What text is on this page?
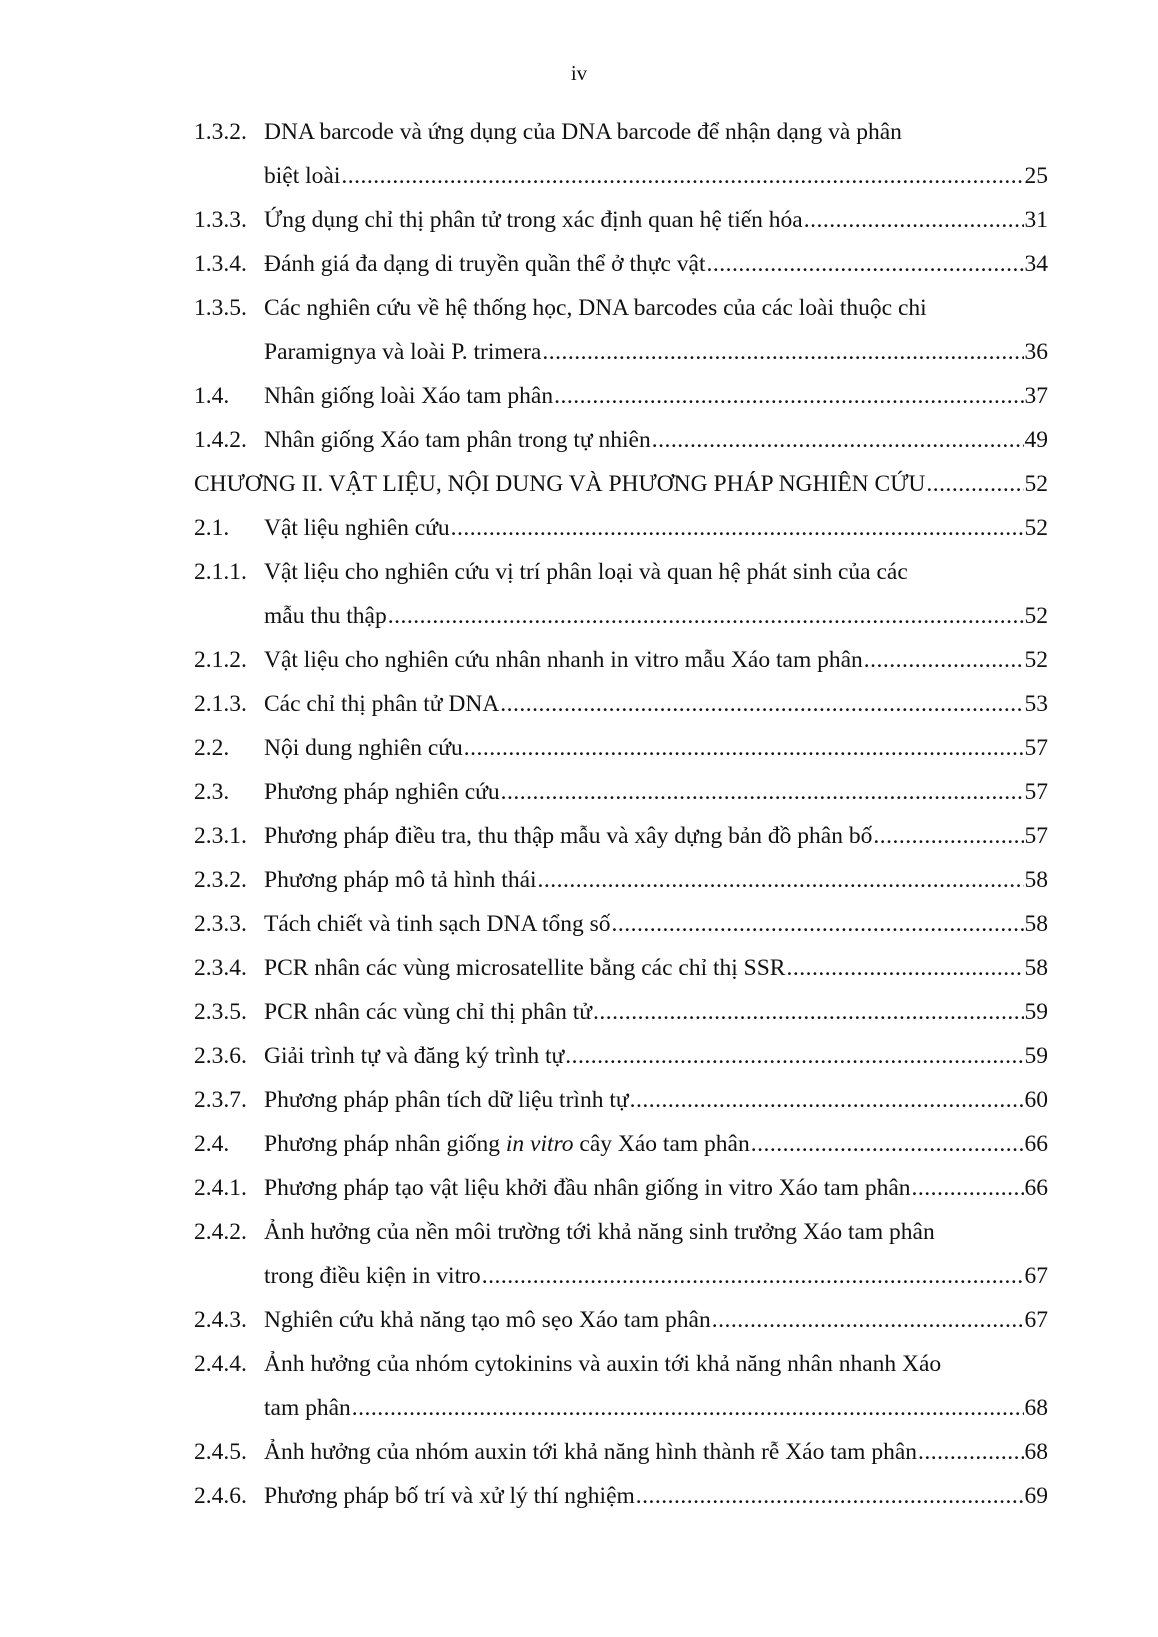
iv
1.3.2. DNA barcode và ứng dụng của DNA barcode để nhận dạng và phân
biệt loài .....	25
1.3.3. Ứng dụng chỉ thị phân tử trong xác định quan hệ tiến hóa .....	31
1.3.4. Đánh giá đa dạng di truyền quần thể ở thực vật .....	34
1.3.5. Các nghiên cứu về hệ thống học, DNA barcodes của các loài thuộc chi
Paramignya và loài P. trimera .....	36
1.4.	Nhân giống loài Xáo tam phân .....	37
1.4.2. Nhân giống Xáo tam phân trong tự nhiên .....	49
CHƯƠNG II. VẬT LIỆU, NỘI DUNG VÀ PHƯƠNG PHÁP NGHIÊN CỨU .....	52
2.1.	Vật liệu nghiên cứu .....	52
2.1.1. Vật liệu cho nghiên cứu vị trí phân loại và quan hệ phát sinh của các
mẫu thu thập .....	52
2.1.2. Vật liệu cho nghiên cứu nhân nhanh in vitro mẫu Xáo tam phân .....	52
2.1.3. Các chỉ thị phân tử DNA .....	53
2.2.	Nội dung nghiên cứu .....	57
2.3.	Phương pháp nghiên cứu .....	57
2.3.1. Phương pháp điều tra, thu thập mẫu và xây dựng bản đồ phân bố .....	57
2.3.2. Phương pháp mô tả hình thái .....	58
2.3.3. Tách chiết và tinh sạch DNA tổng số .....	58
2.3.4. PCR nhân các vùng microsatellite bằng các chỉ thị SSR .....	58
2.3.5. PCR nhân các vùng chỉ thị phân tử .....	59
2.3.6. Giải trình tự và đăng ký trình tự .....	59
2.3.7. Phương pháp phân tích dữ liệu trình tự .....	60
2.4.	Phương pháp nhân giống in vitro cây Xáo tam phân .....	66
2.4.1. Phương pháp tạo vật liệu khởi đầu nhân giống in vitro Xáo tam phân .....	66
2.4.2. Ảnh hưởng của nền môi trường tới khả năng sinh trưởng Xáo tam phân
trong điều kiện in vitro .....	67
2.4.3. Nghiên cứu khả năng tạo mô sẹo Xáo tam phân .....	67
2.4.4. Ảnh hưởng của nhóm cytokinins và auxin tới khả năng nhân nhanh Xáo
tam phân .....	68
2.4.5. Ảnh hưởng của nhóm auxin tới khả năng hình thành rễ Xáo tam phân .....	68
2.4.6. Phương pháp bố trí và xử lý thí nghiệm .....	69
